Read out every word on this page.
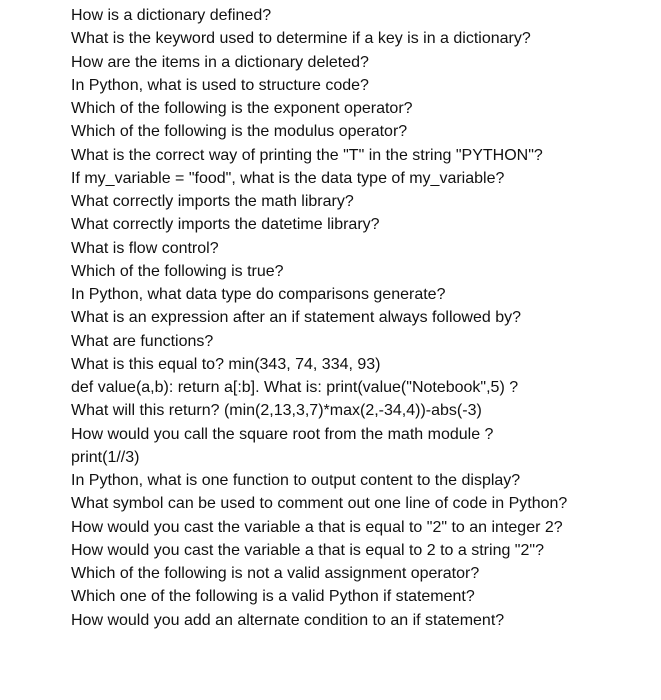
How is a dictionary defined?
What is the keyword used to determine if a key is in a dictionary?
How are the items in a dictionary deleted?
In Python, what is used to structure code?
Which of the following is the exponent operator?
Which of the following is the modulus operator?
What is the correct way of printing the "T" in the string "PYTHON"?
If my_variable = "food", what is the data type of my_variable?
What correctly imports the math library?
What correctly imports the datetime library?
What is flow control?
Which of the following is true?
In Python, what data type do comparisons generate?
What is an expression after an if statement always followed by?
What are functions?
What is this equal to? min(343, 74, 334, 93)
def value(a,b): return a[:b]. What is: print(value("Notebook",5) ?
What will this return? (min(2,13,3,7)*max(2,-34,4))-abs(-3)
How would you call the square root from the math module ?
print(1//3)
In Python, what is one function to output content to the display?
What symbol can be used to comment out one line of code in Python?
How would you cast the variable a that is equal to "2" to an integer 2?
How would you cast the variable a that is equal to 2 to a string "2"?
Which of the following is not a valid assignment operator?
Which one of the following is a valid Python if statement?
How would you add an alternate condition to an if statement?
